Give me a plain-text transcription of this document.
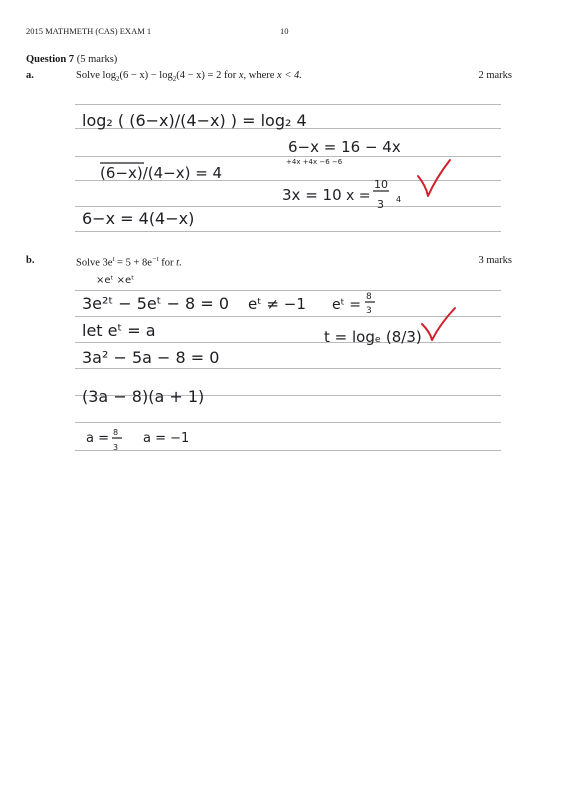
2015 MATHMETH (CAS) EXAM 1	10
Question 7 (5 marks)
a.	Solve $\log_2(6 - x) - \log_2(4 - x) = 2$ for x, where x < 4.	2 marks
b.	Solve $3e^t = 5 + 8e^{-t}$ for t.	3 marks
log₂ ( (6−x)/(4−x) ) = log₂ 4
(6−x)/(4−x) = 4
6−x = 4(4−x)
6−x = 16 − 4x
+4x +4x −6 −6
3x = 10 x =
10
3 4
×eᵗ ×eᵗ
3e²ᵗ − 5eᵗ − 8 = 0
let eᵗ = a
3a² − 5a − 8 = 0
(3a − 8)(a + 1)
a = 8
3
a = −1
eᵗ ≠ −1 eᵗ = 8
3
t = logₑ (8/3)
